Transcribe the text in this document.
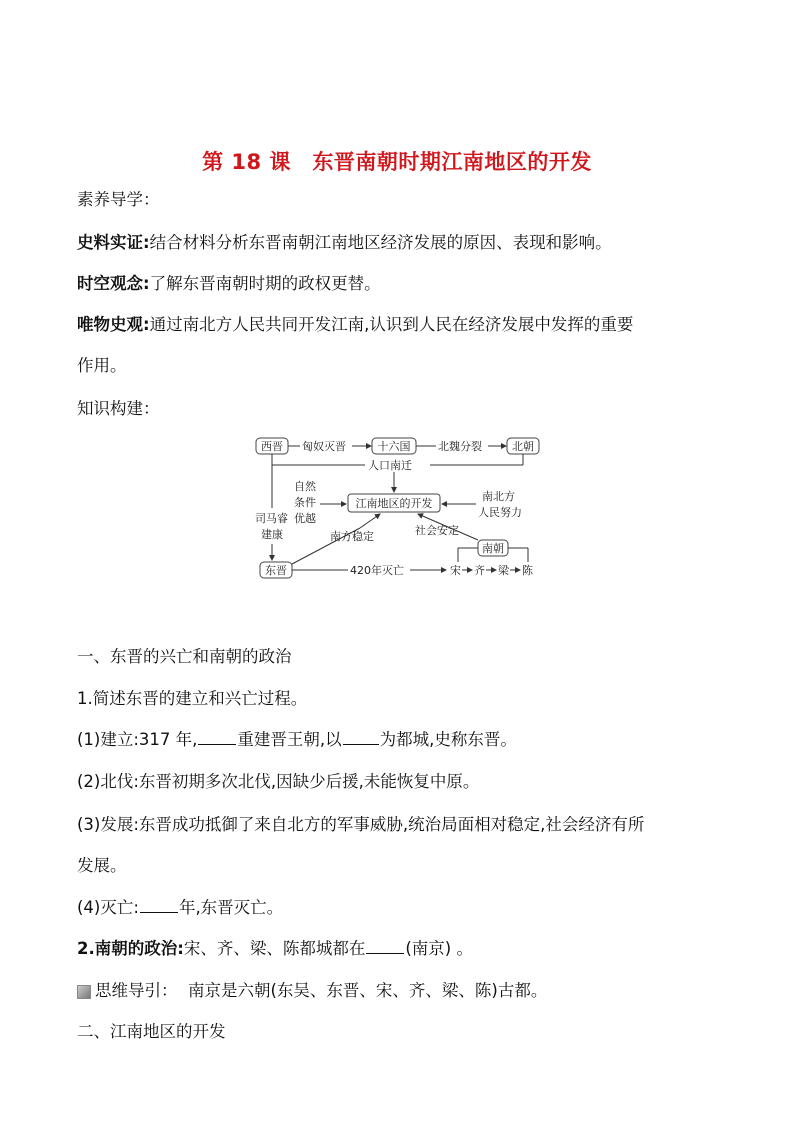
第 18 课　东晋南朝时期江南地区的开发
素养导学：
史料实证:结合材料分析东晋南朝江南地区经济发展的原因、表现和影响。
时空观念:了解东晋南朝时期的政权更替。
唯物史观:通过南北方人民共同开发江南,认识到人民在经济发展中发挥的重要
作用。
知识构建：
西晋	十六国	北朝
匈奴灭晋	北魏分裂
人口南迁
自然
条件
优越
江南地区的开发
南北方
人民努力
司马睿
建康
东晋
南方稳定	社会安定
南朝
420年灭亡	宋 齐 梁 陈
一、东晋的兴亡和南朝的政治
1.简述东晋的建立和兴亡过程。
(1)建立:317 年, 重建晋王朝,以 为都城,史称东晋。
(2)北伐:东晋初期多次北伐,因缺少后援,未能恢复中原。
(3)发展:东晋成功抵御了来自北方的军事威胁,统治局面相对稳定,社会经济有所
发展。
(4)灭亡: 年,东晋灭亡。
2.南朝的政治:宋、齐、梁、陈都城都在 (南京) 。
思维导引： 南京是六朝(东吴、东晋、宋、齐、梁、陈)古都。
二、江南地区的开发
